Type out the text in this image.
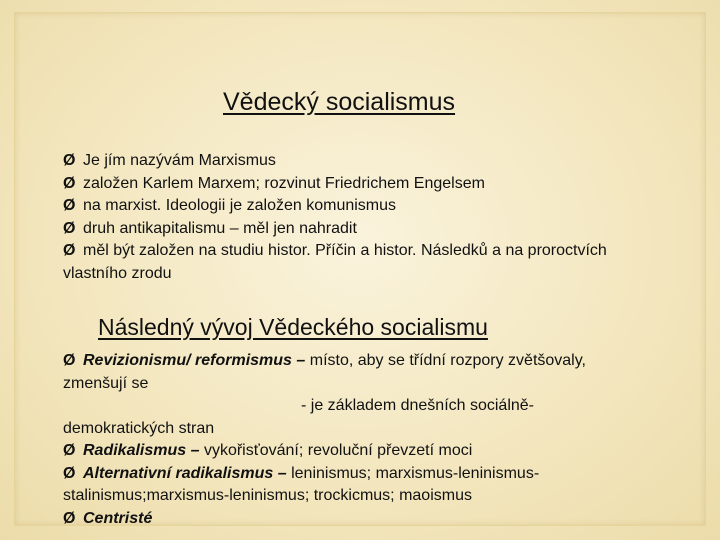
Vědecký socialismus
Ø Je jím nazývám Marxismus
Ø založen Karlem Marxem; rozvinut Friedrichem Engelsem
Ø na marxist. Ideologii je založen komunismus
Ø druh antikapitalismu – měl jen nahradit
Ø měl být založen na studiu histor. Příčin a histor. Následků a na proroctvích
vlastního zrodu
Následný vývoj Vědeckého socialismu
Ø Revizionismu/ reformismus – místo, aby se třídní rozpory zvětšovaly,
zmenšují se
- je základem dnešních sociálně-
demokratických stran
Ø Radikalismus – vykořisťování; revoluční převzetí moci
Ø Alternativní radikalismus – leninismus; marxismus-leninismus-
stalinismus;marxismus-leninismus; trockicmus; maoismus
Ø Centristé
